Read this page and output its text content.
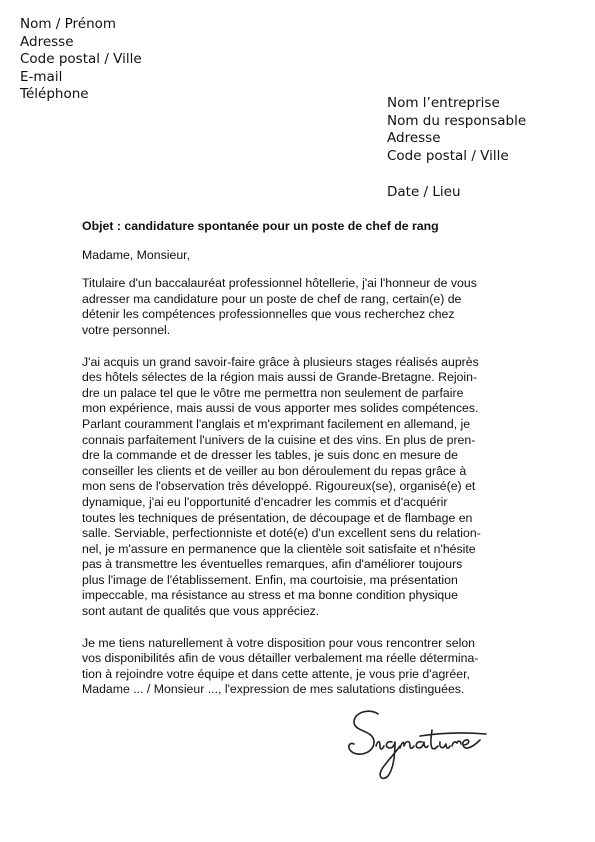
Nom / Prénom
Adresse
Code postal / Ville
E-mail
Téléphone
Nom l’entreprise
Nom du responsable
Adresse
Code postal / Ville
Date / Lieu
Objet : candidature spontanée pour un poste de chef de rang
Madame, Monsieur,
Titulaire d'un baccalauréat professionnel hôtellerie, j'ai l'honneur de vous
adresser ma candidature pour un poste de chef de rang, certain(e) de
détenir les compétences professionnelles que vous recherchez chez
votre personnel.
J'ai acquis un grand savoir-faire grâce à plusieurs stages réalisés auprès
des hôtels sélectes de la région mais aussi de Grande-Bretagne. Rejoin-
dre un palace tel que le vôtre me permettra non seulement de parfaire
mon expérience, mais aussi de vous apporter mes solides compétences.
Parlant couramment l'anglais et m'exprimant facilement en allemand, je
connais parfaitement l'univers de la cuisine et des vins. En plus de pren-
dre la commande et de dresser les tables, je suis donc en mesure de
conseiller les clients et de veiller au bon déroulement du repas grâce à
mon sens de l'observation très développé. Rigoureux(se), organisé(e) et
dynamique, j'ai eu l'opportunité d'encadrer les commis et d'acquérir
toutes les techniques de présentation, de découpage et de flambage en
salle. Serviable, perfectionniste et doté(e) d'un excellent sens du relation-
nel, je m'assure en permanence que la clientèle soit satisfaite et n'hésite
pas à transmettre les éventuelles remarques, afin d'améliorer toujours
plus l'image de l'établissement. Enfin, ma courtoisie, ma présentation
impeccable, ma résistance au stress et ma bonne condition physique
sont autant de qualités que vous appréciez.
Je me tiens naturellement à votre disposition pour vous rencontrer selon
vos disponibilités afin de vous détailler verbalement ma réelle détermina-
tion à rejoindre votre équipe et dans cette attente, je vous prie d'agréer,
Madame ... / Monsieur ..., l'expression de mes salutations distinguées.
